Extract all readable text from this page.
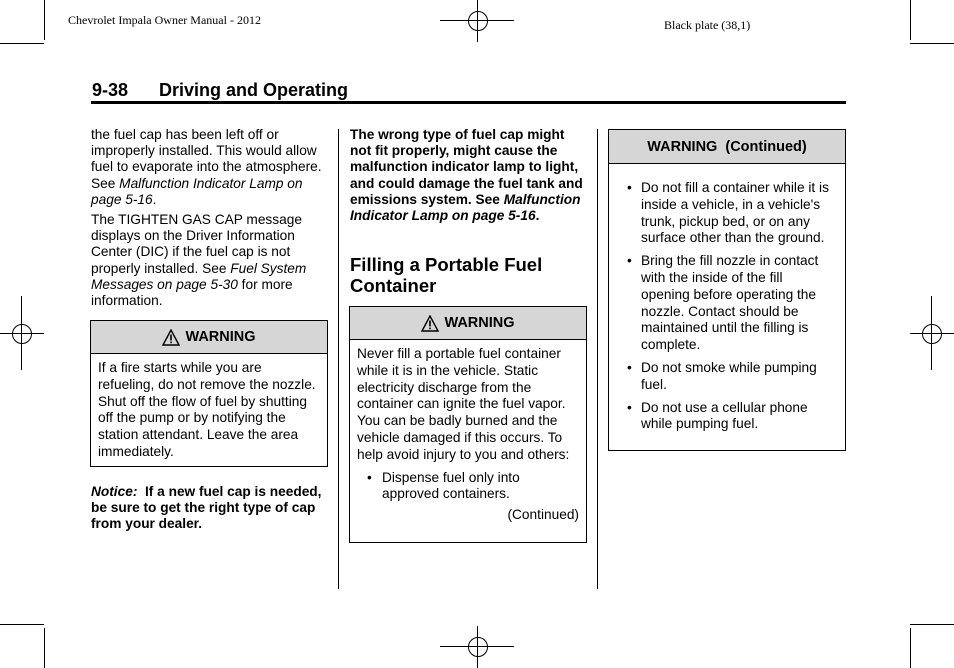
Chevrolet Impala Owner Manual - 2012	Black plate (38,1)
9-38 Driving and Operating

the fuel cap has been left off or improperly installed. This would allow fuel to evaporate into the atmosphere. See Malfunction Indicator Lamp on page 5-16.

The TIGHTEN GAS CAP message displays on the Driver Information Center (DIC) if the fuel cap is not properly installed. See Fuel System Messages on page 5-30 for more information.

WARNING
If a fire starts while you are refueling, do not remove the nozzle. Shut off the flow of fuel by shutting off the pump or by notifying the station attendant. Leave the area immediately.

Notice: If a new fuel cap is needed, be sure to get the right type of cap from your dealer.

The wrong type of fuel cap might not fit properly, might cause the malfunction indicator lamp to light, and could damage the fuel tank and emissions system. See Malfunction Indicator Lamp on page 5-16.

Filling a Portable Fuel Container
WARNING
Never fill a portable fuel container while it is in the vehicle. Static electricity discharge from the container can ignite the fuel vapor. You can be badly burned and the vehicle damaged if this occurs. To help avoid injury to you and others:
• Dispense fuel only into approved containers.
(Continued)
WARNING  (Continued)
• Do not fill a container while it is inside a vehicle, in a vehicle's trunk, pickup bed, or on any surface other than the ground.
• Bring the fill nozzle in contact with the inside of the fill opening before operating the nozzle. Contact should be maintained until the filling is complete.
• Do not smoke while pumping fuel.
• Do not use a cellular phone while pumping fuel.
